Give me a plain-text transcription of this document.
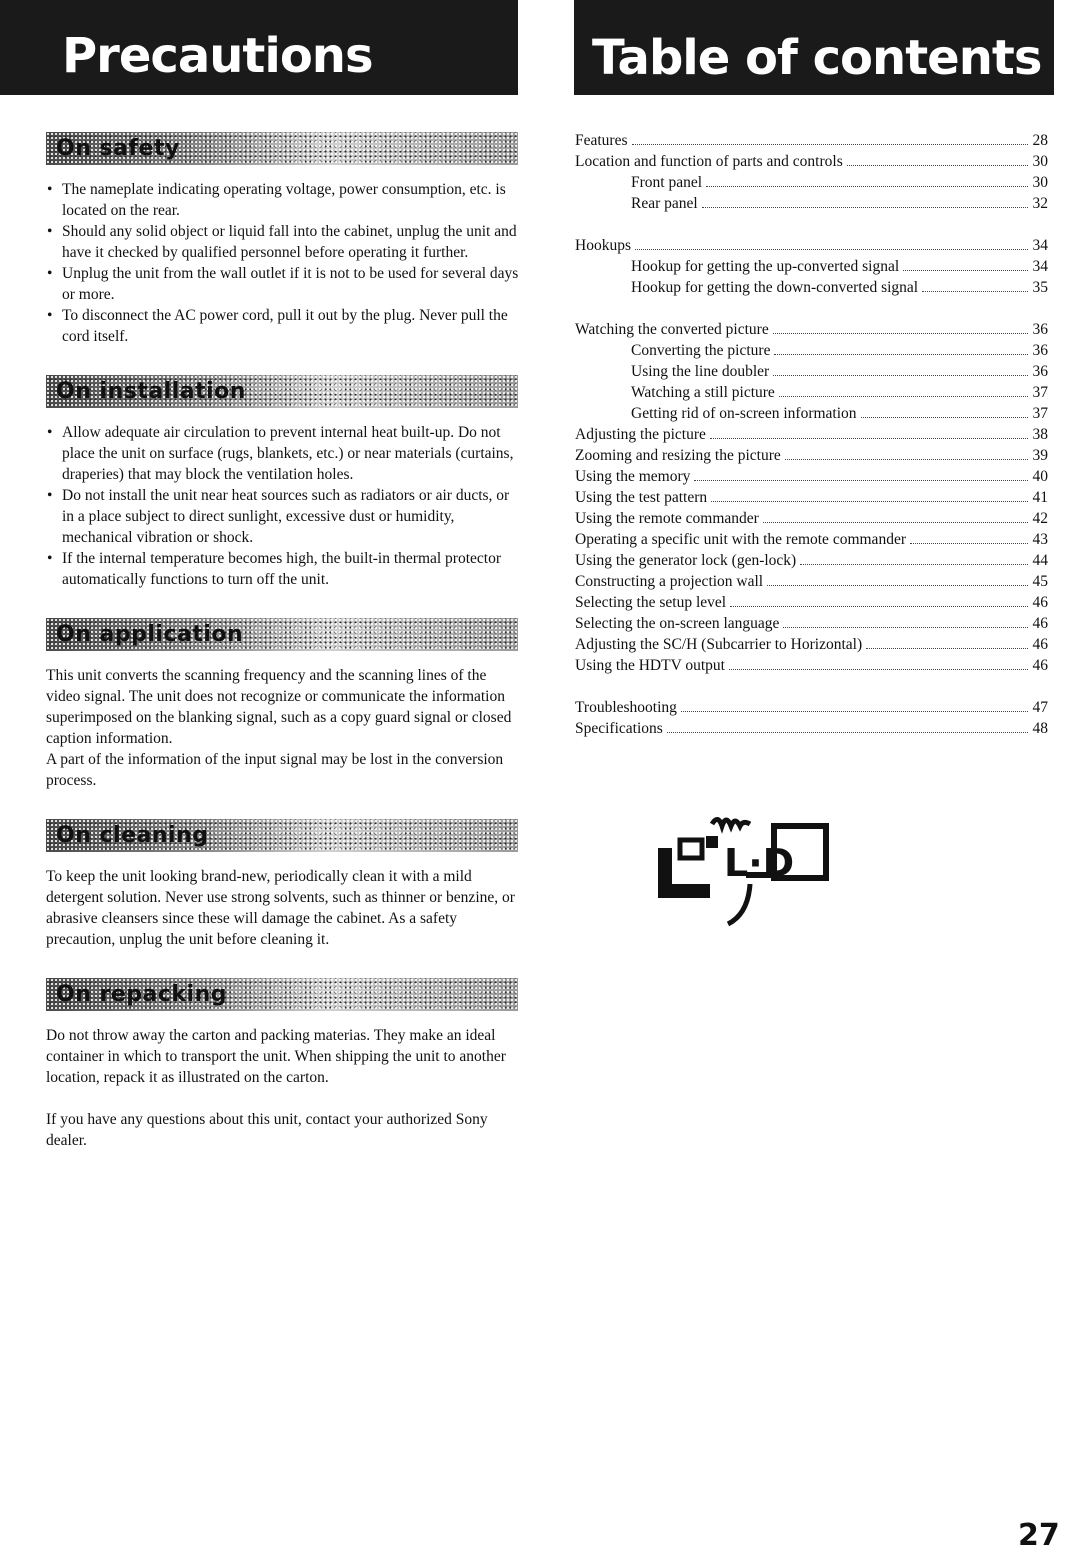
Precautions	Table of contents
On safety
• The nameplate indicating operating voltage, power consumption, etc. is located on the rear.
• Should any solid object or liquid fall into the cabinet, unplug the unit and have it checked by qualified personnel before operating it further.
• Unplug the unit from the wall outlet if it is not to be used for several days or more.
• To disconnect the AC power cord, pull it out by the plug. Never pull the cord itself.
On installation
• Allow adequate air circulation to prevent internal heat built-up. Do not place the unit on surface (rugs, blankets, etc.) or near materials (curtains, draperies) that may block the ventilation holes.
• Do not install the unit near heat sources such as radiators or air ducts, or in a place subject to direct sunlight, excessive dust or humidity, mechanical vibration or shock.
• If the internal temperature becomes high, the built-in thermal protector automatically functions to turn off the unit.
On application

This unit converts the scanning frequency and the scanning lines of the video signal. The unit does not recognize or communicate the information superimposed on the blanking signal, such as a copy guard signal or closed caption information.

A part of the information of the input signal may be lost in the conversion process.

On cleaning

To keep the unit looking brand-new, periodically clean it with a mild detergent solution. Never use strong solvents, such as thinner or benzine, or abrasive cleansers since these will damage the cabinet. As a safety precaution, unplug the unit before cleaning it.

On repacking

Do not throw away the carton and packing materias. They make an ideal container in which to transport the unit. When shipping the unit to another location, repack it as illustrated on the carton.

If you have any questions about this unit, contact your authorized Sony dealer.

Features	28
Location and function of parts and controls	30
Front panel	30
Rear panel	32
Hookups	34
Hookup for getting the up-converted signal	34
Hookup for getting the down-converted signal	35
Watching the converted picture	36
Converting the picture	36
Using the line doubler	36
Watching a still picture	37
Getting rid of on-screen information	37
Adjusting the picture	38
Zooming and resizing the picture	39
Using the memory	40
Using the test pattern	41
Using the remote commander	42
Operating a specific unit with the remote commander	43
Using the generator lock (gen-lock)	44
Constructing a projection wall	45
Selecting the setup level	46
Selecting the on-screen language	46
Adjusting the SC/H (Subcarrier to Horizontal)	46
Using the HDTV output	46
Troubleshooting	47
Specifications	48
L·D
27
